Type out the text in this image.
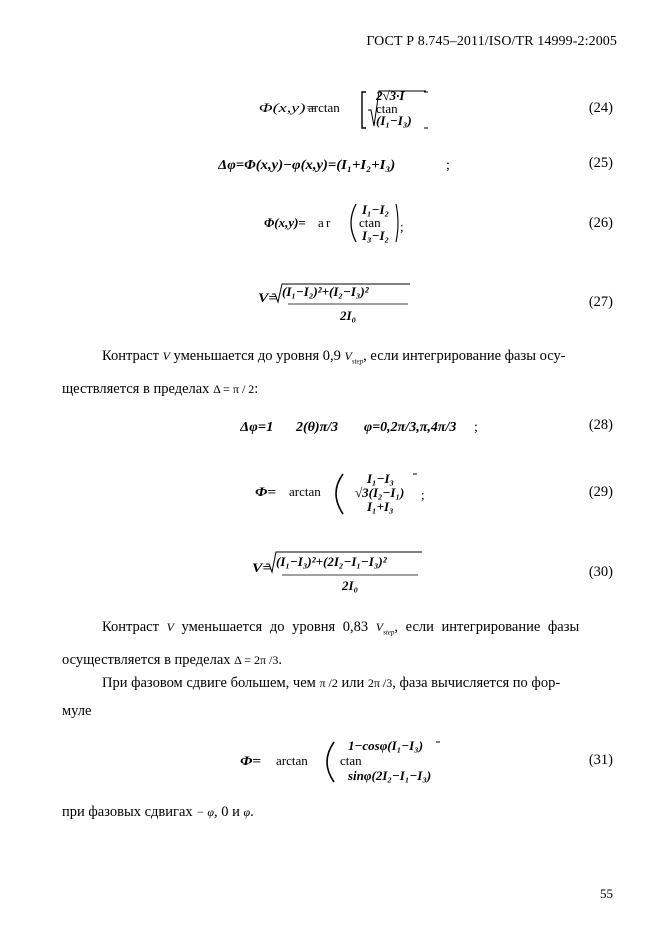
ГОСТ Р 8.745–2011/ISO/TR 14999-2:2005
Φ(x,y)=
arctan
2√3·I
ctan
(I₁−I₃)
(24)
Δφ=Φ(x,y)−φ(x,y)=(I₁+I₂+I₃)	;	(25)
Φ(x,y)= a r
I₁−I₂
ctan
I₃−I₂
;	(26)
V= (I₁−I₂)²+(I₂−I₃)²
2I₀
(27)
Контраст V уменьшается до уровня 0,9 $V_{step}$, если интегрирование фазы осу-
ществляется в пределах Δ = π / 2:
Δφ=1 2(θ)π/3 φ=0,2π/3,π,4π/3 ;	(28)
Φ= arctan
I₁−I₃
√3(I₂−I₁)
I₁+I₃
;	(29)
V= (I₁−I₃)²+(2I₂−I₁−I₃)²
2I₀
(30)
Контраст V уменьшается до уровня 0,83 $V_{step}$, если интегрирование фазы
осуществляется в пределах Δ = 2π /3.
При фазовом сдвиге большем, чем π /2 или 2π /3, фаза вычисляется по фор-
муле
Φ= arctan
1−cosφ(I₁−I₃)
ctan
sinφ(2I₂−I₁−I₃)
(31)
при фазовых сдвигах − φ, 0 и φ.
55
